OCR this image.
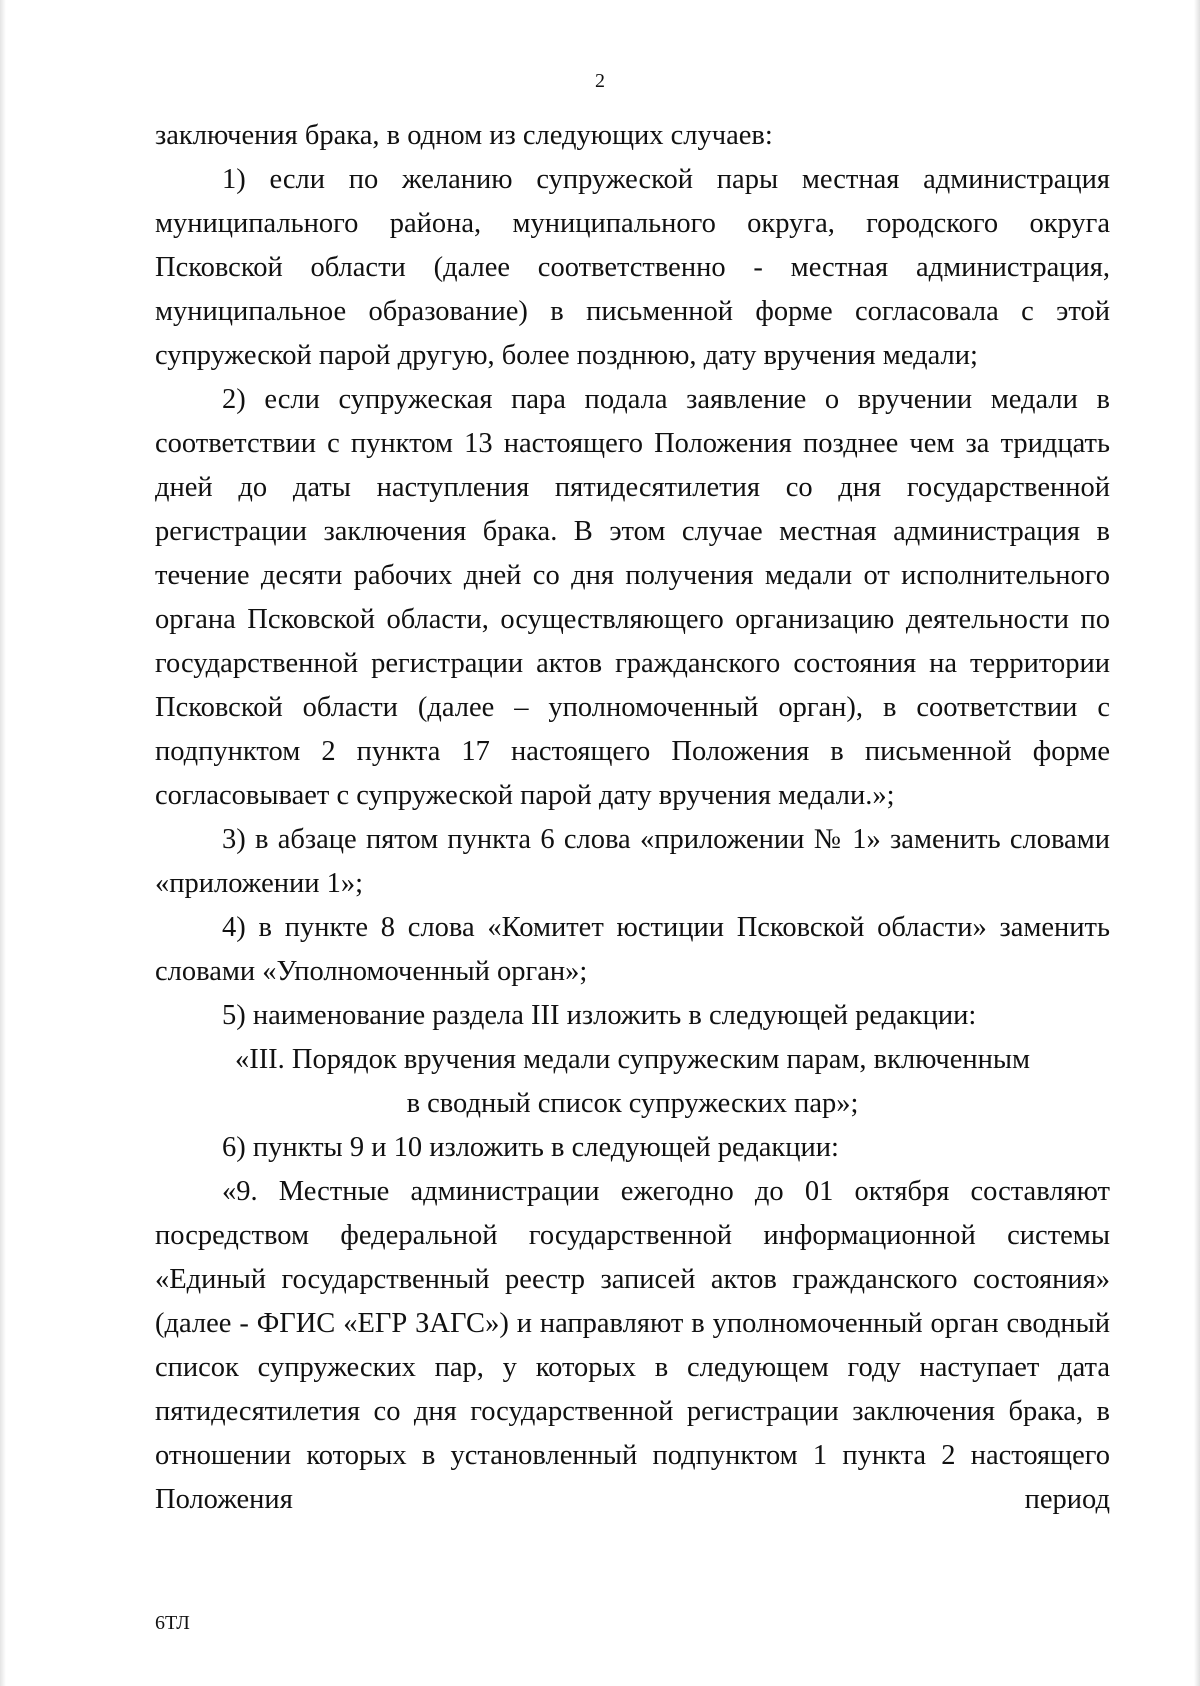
2

заключения брака, в одном из следующих случаев:

1) если по желанию супружеской пары местная администрация муниципального района, муниципального округа, городского округа Псковской области (далее соответственно - местная администрация, муниципальное образование) в письменной форме согласовала с этой супружеской парой другую, более позднюю, дату вручения медали;

2) если супружеская пара подала заявление о вручении медали в соответствии с пунктом 13 настоящего Положения позднее чем за тридцать дней до даты наступления пятидесятилетия со дня государственной регистрации заключения брака. В этом случае местная администрация в течение десяти рабочих дней со дня получения медали от исполнительного органа Псковской области, осуществляющего организацию деятельности по государственной регистрации актов гражданского состояния на территории Псковской области (далее – уполномоченный орган), в соответствии с подпунктом 2 пункта 17 настоящего Положения в письменной форме согласовывает с супружеской парой дату вручения медали.»;

3) в абзаце пятом пункта 6 слова «приложении № 1» заменить словами «приложении 1»;

4) в пункте 8 слова «Комитет юстиции Псковской области» заменить словами «Уполномоченный орган»;

5) наименование раздела III изложить в следующей редакции:

«III. Порядок вручения медали супружеским парам, включенным

в сводный список супружеских пар»;

6) пункты 9 и 10 изложить в следующей редакции:

«9. Местные администрации ежегодно до 01 октября составляют посредством федеральной государственной информационной системы «Единый государственный реестр записей актов гражданского состояния» (далее - ФГИС «ЕГР ЗАГС») и направляют в уполномоченный орган сводный список супружеских пар, у которых в следующем году наступает дата пятидесятилетия со дня государственной регистрации заключения брака, в отношении которых в установленный подпунктом 1 пункта 2 настоящего Положения период

6ТЛ
